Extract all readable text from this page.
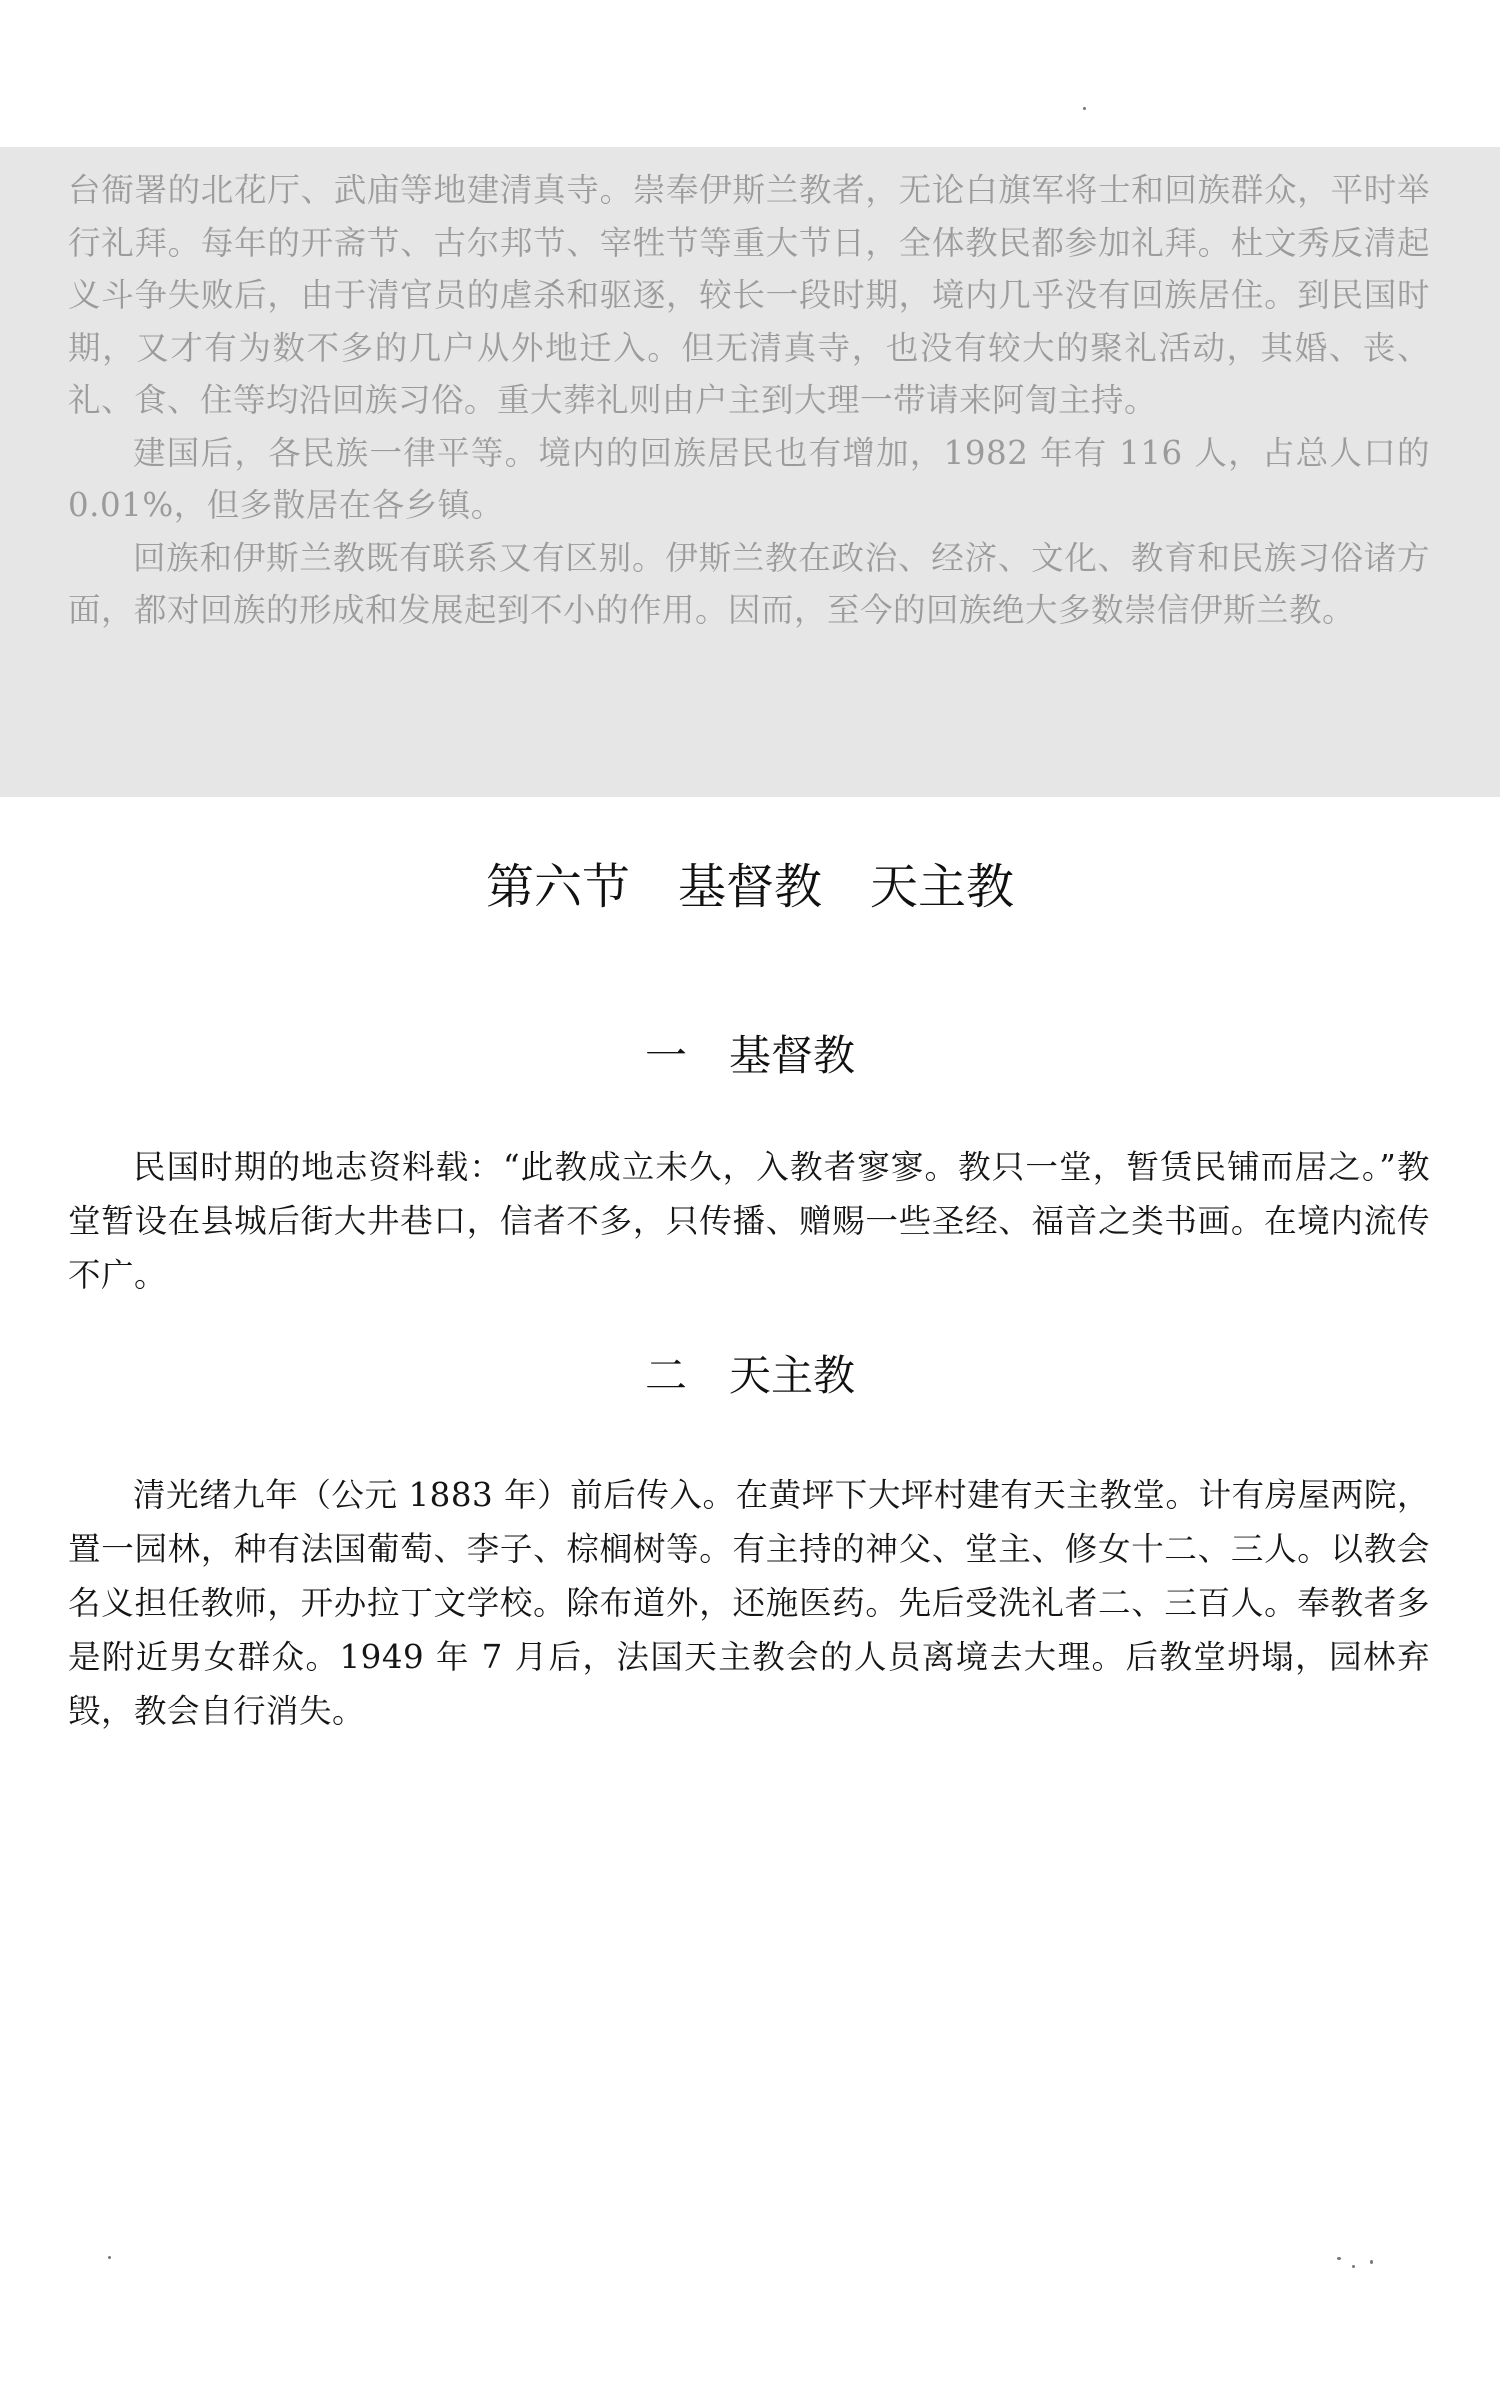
台衙署的北花厅、武庙等地建清真寺。崇奉伊斯兰教者，无论白旗军将士和回族群众，平时举行礼拜。每年的开斋节、古尔邦节、宰牲节等重大节日，全体教民都参加礼拜。杜文秀反清起义斗争失败后，由于清官员的虐杀和驱逐，较长一段时期，境内几乎没有回族居住。到民国时期，又才有为数不多的几户从外地迁入。但无清真寺，也没有较大的聚礼活动，其婚、丧、礼、食、住等均沿回族习俗。重大葬礼则由户主到大理一带请来阿訇主持。

建国后，各民族一律平等。境内的回族居民也有增加，1982 年有 116 人，占总人口的 0.01%，但多散居在各乡镇。

回族和伊斯兰教既有联系又有区别。伊斯兰教在政治、经济、文化、教育和民族习俗诸方面，都对回族的形成和发展起到不小的作用。因而，至今的回族绝大多数崇信伊斯兰教。

第六节　基督教　天主教
一　基督教

民国时期的地志资料载：“此教成立未久，入教者寥寥。教只一堂，暂赁民铺而居之。”教堂暂设在县城后街大井巷口，信者不多，只传播、赠赐一些圣经、福音之类书画。在境内流传不广。

二　天主教

清光绪九年（公元 1883 年）前后传入。在黄坪下大坪村建有天主教堂。计有房屋两院，置一园林，种有法国葡萄、李子、棕榈树等。有主持的神父、堂主、修女十二、三人。以教会名义担任教师，开办拉丁文学校。除布道外，还施医药。先后受洗礼者二、三百人。奉教者多是附近男女群众。1949 年 7 月后，法国天主教会的人员离境去大理。后教堂坍塌，园林弃毁，教会自行消失。
